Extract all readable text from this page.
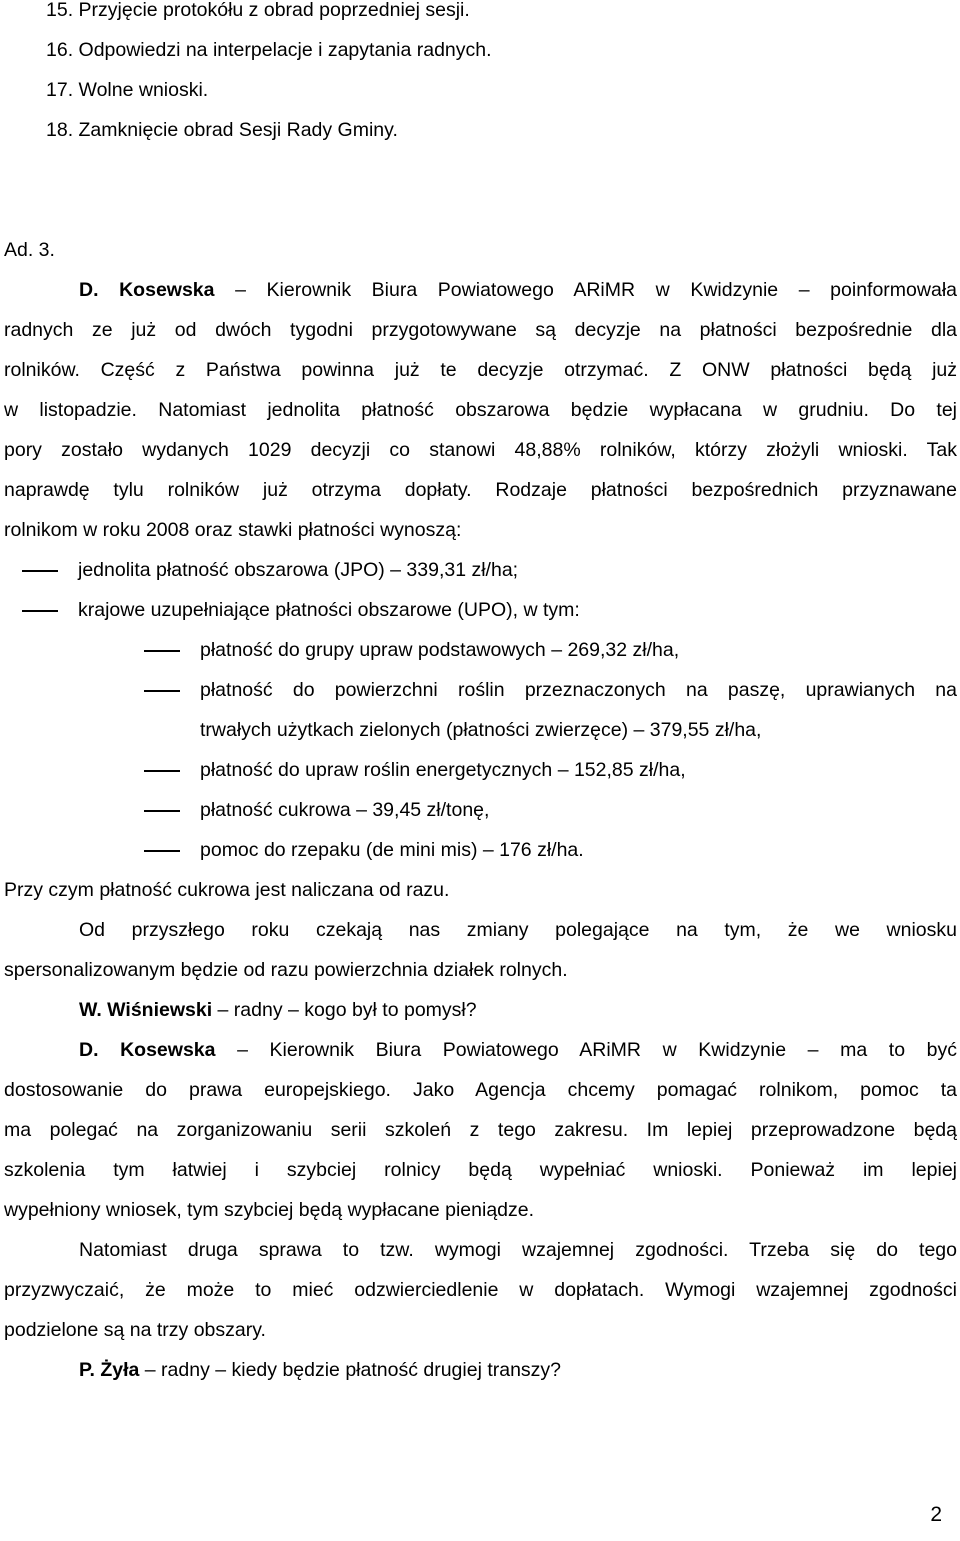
15. Przyjęcie protokółu z obrad poprzedniej sesji.
16. Odpowiedzi na interpelacje i zapytania radnych.
17. Wolne wnioski.
18. Zamknięcie obrad Sesji Rady Gminy.
Ad. 3.
D. Kosewska – Kierownik Biura Powiatowego ARiMR w Kwidzynie – poinformowała
radnych ze już od dwóch tygodni przygotowywane są decyzje na płatności bezpośrednie dla
rolników. Część z Państwa powinna już te decyzje otrzymać. Z ONW płatności będą już
w listopadzie. Natomiast jednolita płatność obszarowa będzie wypłacana w grudniu. Do tej
pory zostało wydanych 1029 decyzji co stanowi 48,88% rolników, którzy złożyli wnioski. Tak
naprawdę tylu rolników już otrzyma dopłaty. Rodzaje płatności bezpośrednich przyznawane
rolnikom w roku 2008 oraz stawki płatności wynoszą:
jednolita płatność obszarowa (JPO) – 339,31 zł/ha;
krajowe uzupełniające płatności obszarowe (UPO), w tym:
płatność do grupy upraw podstawowych – 269,32 zł/ha,
płatność do powierzchni roślin przeznaczonych na paszę, uprawianych na
trwałych użytkach zielonych (płatności zwierzęce) – 379,55 zł/ha,
płatność do upraw roślin energetycznych – 152,85 zł/ha,
płatność cukrowa – 39,45 zł/tonę,
pomoc do rzepaku (de mini mis) – 176 zł/ha.
Przy czym płatność cukrowa jest naliczana od razu.
Od przyszłego roku czekają nas zmiany polegające na tym, że we wniosku
spersonalizowanym będzie od razu powierzchnia działek rolnych.
W. Wiśniewski – radny – kogo był to pomysł?
D. Kosewska – Kierownik Biura Powiatowego ARiMR w Kwidzynie – ma to być
dostosowanie do prawa europejskiego. Jako Agencja chcemy pomagać rolnikom, pomoc ta
ma polegać na zorganizowaniu serii szkoleń z tego zakresu. Im lepiej przeprowadzone będą
szkolenia tym łatwiej i szybciej rolnicy będą wypełniać wnioski. Ponieważ im lepiej
wypełniony wniosek, tym szybciej będą wypłacane pieniądze.
Natomiast druga sprawa to tzw. wymogi wzajemnej zgodności. Trzeba się do tego
przyzwyczaić, że może to mieć odzwierciedlenie w dopłatach. Wymogi wzajemnej zgodności
podzielone są na trzy obszary.
P. Żyła – radny – kiedy będzie płatność drugiej transzy?
2
